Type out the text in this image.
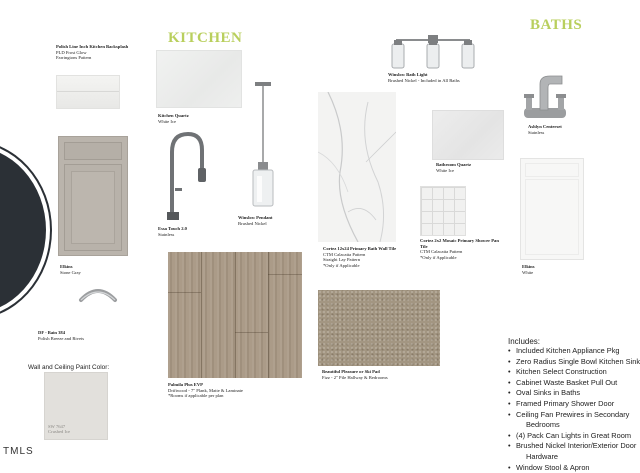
KITCHEN
BATHS
Polish Line Inch Kitchen Backsplash
PLD Frost Glow
Farringtons Pattern
Elkins
Stone Gray
DF - Bain 384
Polish Breeze and Rivets
Wall and Ceiling Paint Color:
SW 7647
Crushed Ice
Kitchen Quartz
White Ice
Essa Touch 2.0
Stainless
Winslow Pendant
Brushed Nickel
Palmila Plus EVP
Driftwood - 7" Plank, Matte & Laminate
*Rooms if applicable per plan
Winslow Bath Light
Brushed Nickel - Included in All Baths
Cortez 12x24 Primary Bath Wall Tile
CTM Calacatta Pattern
Straight Lay Pattern
*Only if Applicable
Bathroom Quartz
White Ice
Cortez 2x2 Mosaic Primary Shower Pan Tile
CTM Calacatta Pattern
*Only if Applicable
Beautiful Pleasure or Ski Pad
Fizz - 2" Pile Hallway & Bedrooms
Ashlyn Centerset
Stainless
Elkins
White
Includes:
• Included Kitchen Appliance Pkg
• Zero Radius Single Bowl Kitchen Sink
• Kitchen Select Construction
• Cabinet Waste Basket Pull Out
• Oval Sinks in Baths
• Framed Primary Shower Door
• Ceiling Fan Prewires in Secondary
Bedrooms
• (4) Pack Can Lights in Great Room
• Brushed Nickel Interior/Exterior Door
Hardware
• Window Stool & Apron
TMLS
